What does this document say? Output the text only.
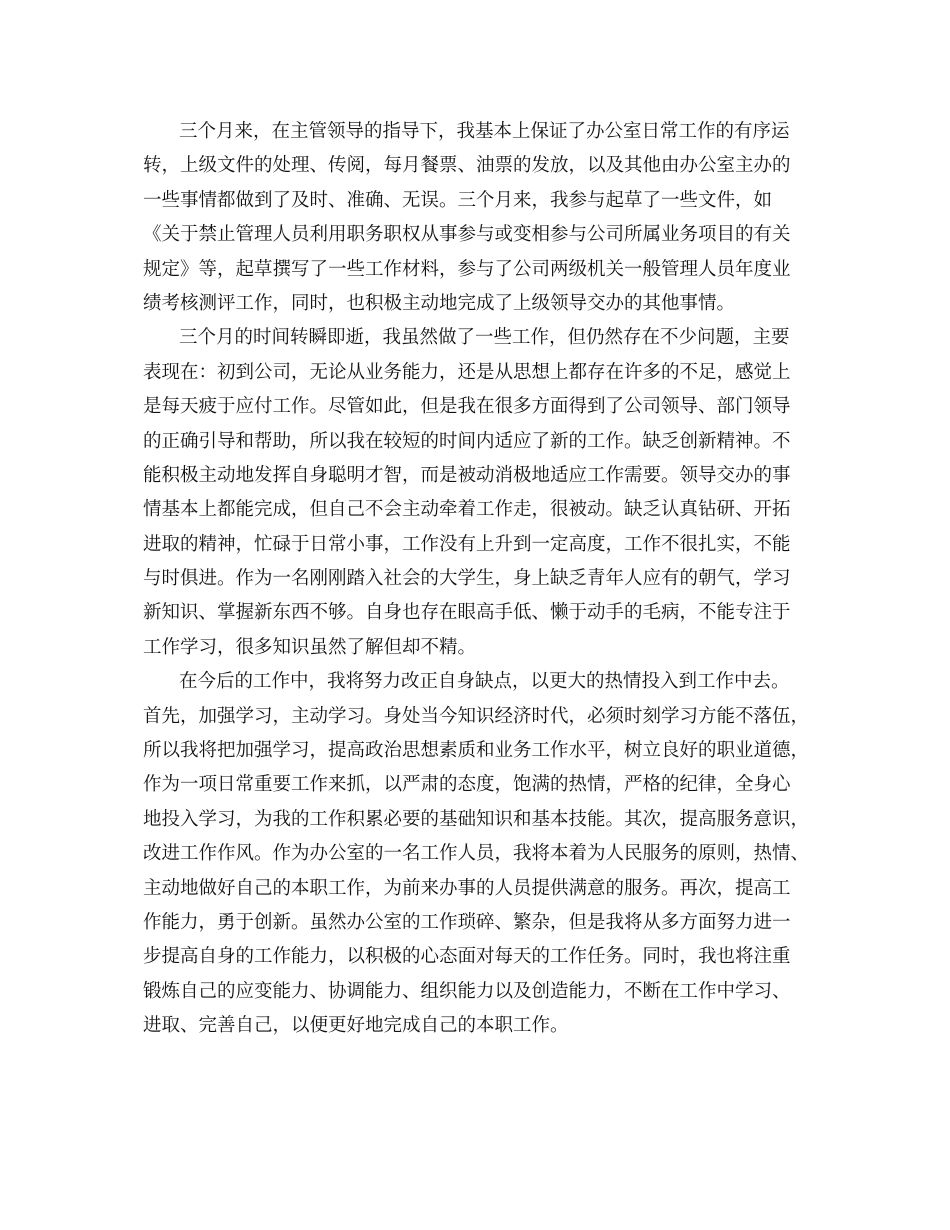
三个月来，在主管领导的指导下，我基本上保证了办公室日常工作的有序运
转，上级文件的处理、传阅，每月餐票、油票的发放，以及其他由办公室主办的
一些事情都做到了及时、准确、无误。三个月来，我参与起草了一些文件，如
《关于禁止管理人员利用职务职权从事参与或变相参与公司所属业务项目的有关
规定》等，起草撰写了一些工作材料，参与了公司两级机关一般管理人员年度业
绩考核测评工作，同时，也积极主动地完成了上级领导交办的其他事情。
三个月的时间转瞬即逝，我虽然做了一些工作，但仍然存在不少问题，主要
表现在：初到公司，无论从业务能力，还是从思想上都存在许多的不足，感觉上
是每天疲于应付工作。尽管如此，但是我在很多方面得到了公司领导、部门领导
的正确引导和帮助，所以我在较短的时间内适应了新的工作。缺乏创新精神。不
能积极主动地发挥自身聪明才智，而是被动消极地适应工作需要。领导交办的事
情基本上都能完成，但自己不会主动牵着工作走，很被动。缺乏认真钻研、开拓
进取的精神，忙碌于日常小事，工作没有上升到一定高度，工作不很扎实，不能
与时俱进。作为一名刚刚踏入社会的大学生，身上缺乏青年人应有的朝气，学习
新知识、掌握新东西不够。自身也存在眼高手低、懒于动手的毛病，不能专注于
工作学习，很多知识虽然了解但却不精。
在今后的工作中，我将努力改正自身缺点，以更大的热情投入到工作中去。
首先，加强学习，主动学习。身处当今知识经济时代，必须时刻学习方能不落伍，
所以我将把加强学习，提高政治思想素质和业务工作水平，树立良好的职业道德，
作为一项日常重要工作来抓，以严肃的态度，饱满的热情，严格的纪律，全身心
地投入学习，为我的工作积累必要的基础知识和基本技能。其次，提高服务意识，
改进工作作风。作为办公室的一名工作人员，我将本着为人民服务的原则，热情、
主动地做好自己的本职工作，为前来办事的人员提供满意的服务。再次，提高工
作能力，勇于创新。虽然办公室的工作琐碎、繁杂，但是我将从多方面努力进一
步提高自身的工作能力，以积极的心态面对每天的工作任务。同时，我也将注重
锻炼自己的应变能力、协调能力、组织能力以及创造能力，不断在工作中学习、
进取、完善自己，以便更好地完成自己的本职工作。
